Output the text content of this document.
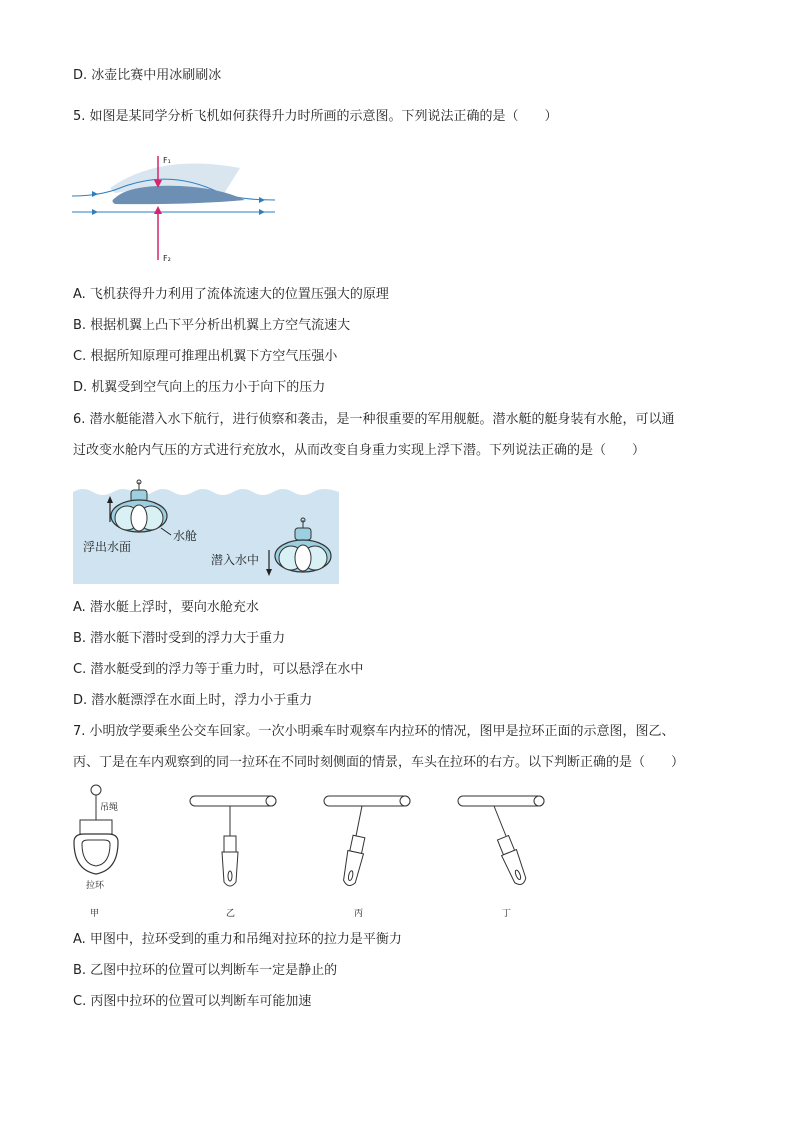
D. 冰壶比赛中用冰刷刷冰
5. 如图是某同学分析飞机如何获得升力时所画的示意图。下列说法正确的是（　　）
F₁
F₂
A. 飞机获得升力利用了流体流速大的位置压强大的原理
B. 根据机翼上凸下平分析出机翼上方空气流速大
C. 根据所知原理可推理出机翼下方空气压强小
D. 机翼受到空气向上的压力小于向下的压力
6. 潜水艇能潜入水下航行，进行侦察和袭击，是一种很重要的军用舰艇。潜水艇的艇身装有水舱，可以通
过改变水舱内气压的方式进行充放水，从而改变自身重力实现上浮下潜。下列说法正确的是（　　）
水舱
浮出水面
潜入水中
A. 潜水艇上浮时，要向水舱充水
B. 潜水艇下潜时受到的浮力大于重力
C. 潜水艇受到的浮力等于重力时，可以悬浮在水中
D. 潜水艇漂浮在水面上时，浮力小于重力
7. 小明放学要乘坐公交车回家。一次小明乘车时观察车内拉环的情况，图甲是拉环正面的示意图，图乙、
丙、丁是在车内观察到的同一拉环在不同时刻侧面的情景，车头在拉环的右方。以下判断正确的是（　　）
吊绳
拉环
甲	乙	丙	丁
A. 甲图中，拉环受到的重力和吊绳对拉环的拉力是平衡力
B. 乙图中拉环的位置可以判断车一定是静止的
C. 丙图中拉环的位置可以判断车可能加速
